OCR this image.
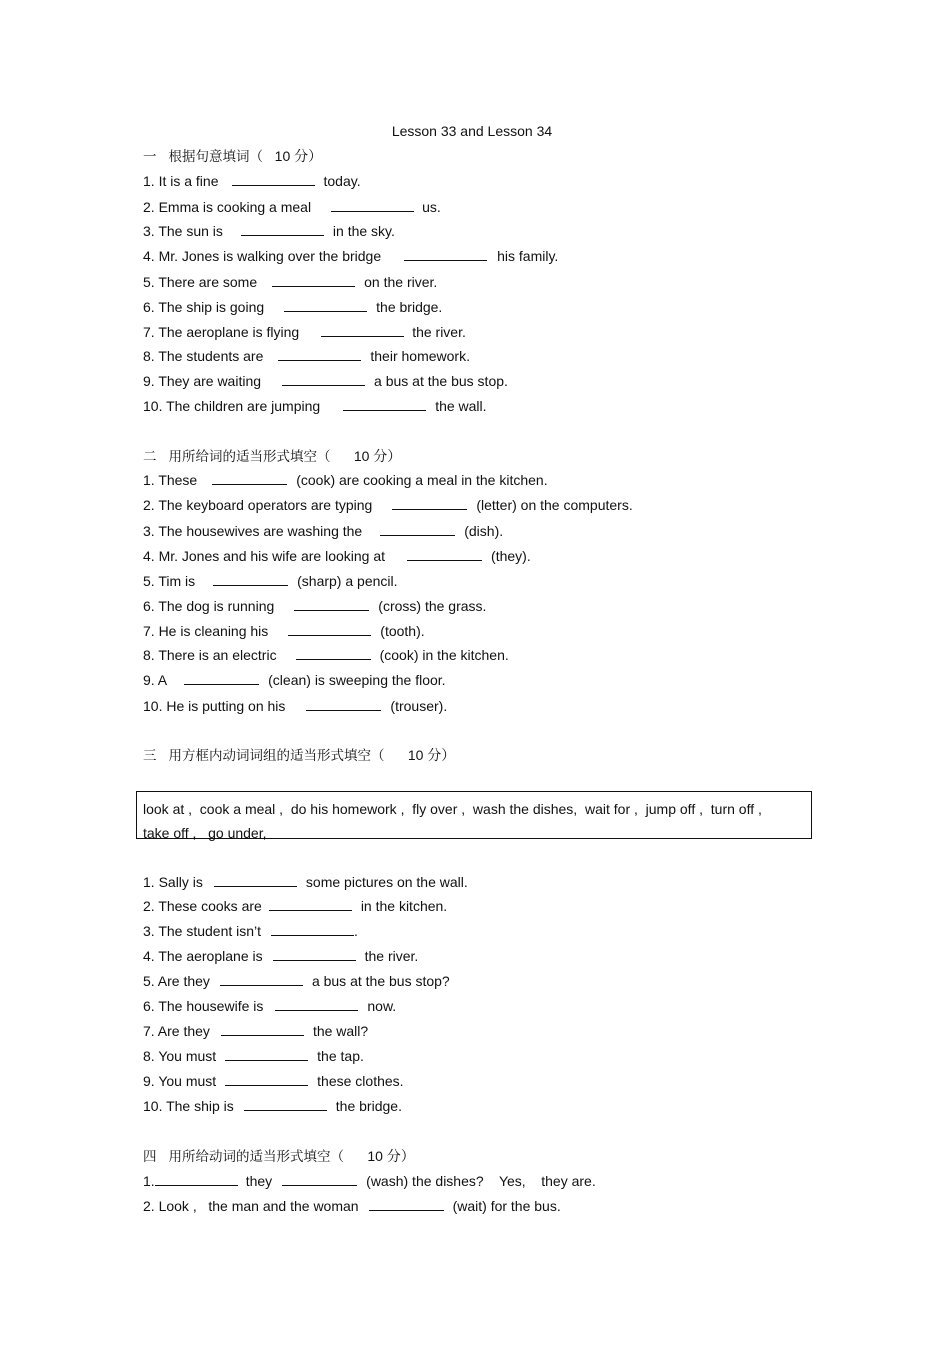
Lesson 33 and Lesson 34
一 根据句意填词（ 10 分）
1. It is a fine	today.
2. Emma is cooking a meal	us.
3. The sun is	in the sky.
4. Mr. Jones is walking over the bridge	his family.
5. There are some	on the river.
6. The ship is going	the bridge.
7. The aeroplane is flying	the river.
8. The students are	their homework.
9. They are waiting	a bus at the bus stop.
10. The children are jumping	the wall.
二 用所给词的适当形式填空（ 10 分）
1. These	(cook) are cooking a meal in the kitchen.
2. The keyboard operators are typing	(letter) on the computers.
3. The housewives are washing the	(dish).
4. Mr. Jones and his wife are looking at	(they).
5. Tim is	(sharp) a pencil.
6. The dog is running	(cross) the grass.
7. He is cleaning his	(tooth).
8. There is an electric	(cook) in the kitchen.
9. A	(clean) is sweeping the floor.
10. He is putting on his	(trouser).
三 用方框内动词词组的适当形式填空（ 10 分）
look at ,  cook a meal ,  do his homework ,  fly over ,  wash the dishes,  wait for ,  jump off ,  turn off ,
take off ,   go under,
1. Sally is	some pictures on the wall.
2. These cooks are	in the kitchen.
3. The student isn’t	.
4. The aeroplane is	the river.
5. Are they	a bus at the bus stop?
6. The housewife is	now.
7. Are they	the wall?
8. You must	the tap.
9. You must	these clothes.
10. The ship is	the bridge.
四 用所给动词的适当形式填空（ 10 分）
1.	they	(wash) the dishes?    Yes,    they are.
2. Look ,   the man and the woman	(wait) for the bus.
